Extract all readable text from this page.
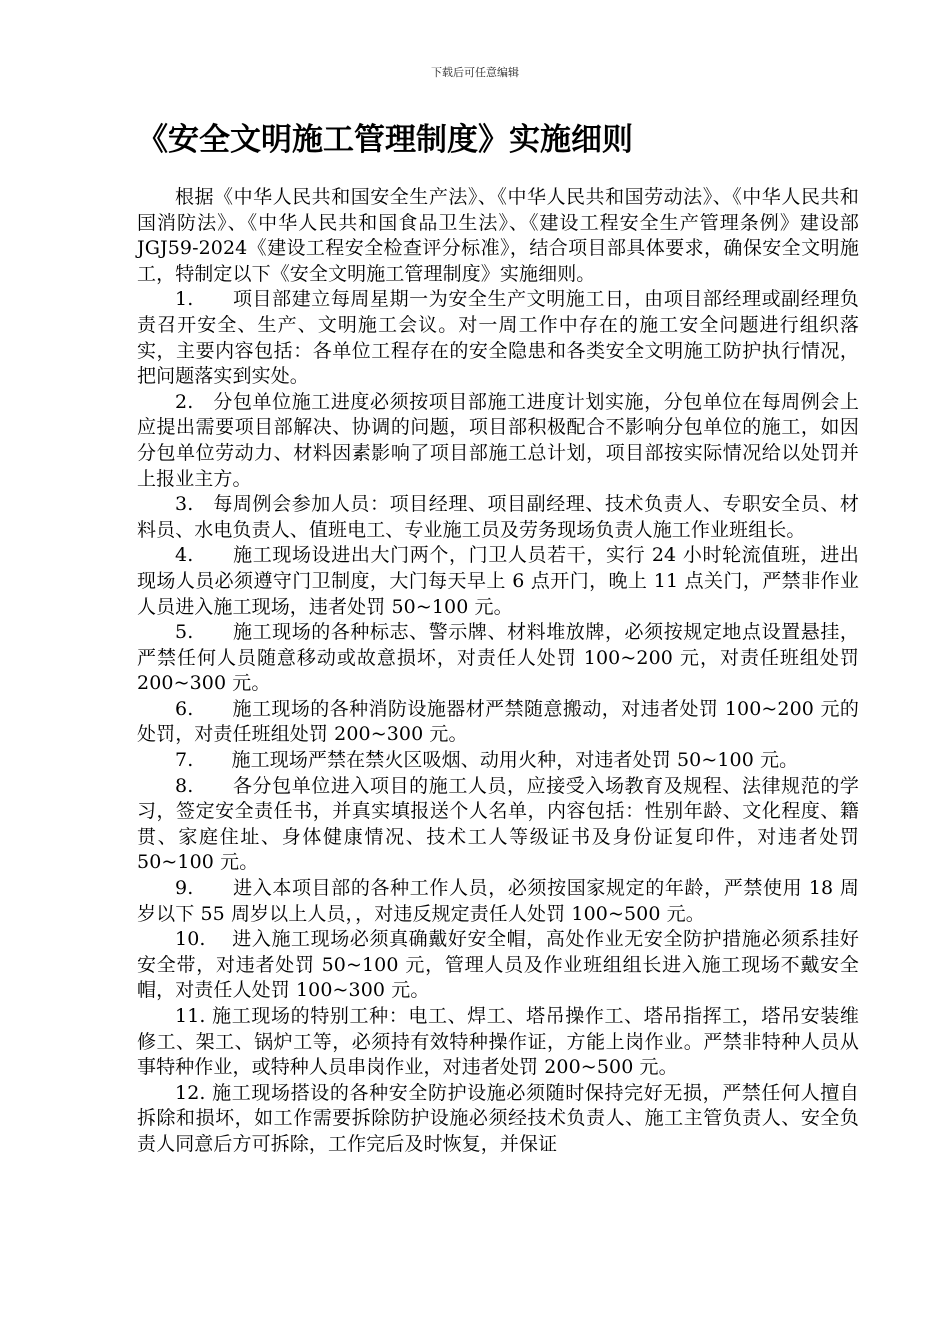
下载后可任意编辑
《安全文明施工管理制度》实施细则

根据《中华人民共和国安全生产法》、《中华人民共和国劳动法》、《中华人民共和国消防法》、《中华人民共和国食品卫生法》、《建设工程安全生产管理条例》建设部 JGJ59-2024《建设工程安全检查评分标准》，结合项目部具体要求，确保安全文明施工，特制定以下《安全文明施工管理制度》实施细则。

1.　　项目部建立每周星期一为安全生产文明施工日，由项目部经理或副经理负责召开安全、生产、文明施工会议。对一周工作中存在的施工安全问题进行组织落实，主要内容包括：各单位工程存在的安全隐患和各类安全文明施工防护执行情况，把问题落实到实处。

2.　分包单位施工进度必须按项目部施工进度计划实施，分包单位在每周例会上应提出需要项目部解决、协调的问题，项目部积极配合不影响分包单位的施工，如因分包单位劳动力、材料因素影响了项目部施工总计划，项目部按实际情况给以处罚并上报业主方。

3.　每周例会参加人员：项目经理、项目副经理、技术负责人、专职安全员、材料员、水电负责人、值班电工、专业施工员及劳务现场负责人施工作业班组长。

4.　　施工现场设进出大门两个，门卫人员若干，实行 24 小时轮流值班，进出现场人员必须遵守门卫制度，大门每天早上 6 点开门，晚上 11 点关门，严禁非作业人员进入施工现场，违者处罚 50~100 元。

5.　　施工现场的各种标志、警示牌、材料堆放牌，必须按规定地点设置悬挂，严禁任何人员随意移动或故意损坏，对责任人处罚 100~200 元，对责任班组处罚 200~300 元。

6.　　施工现场的各种消防设施器材严禁随意搬动，对违者处罚 100~200 元的处罚，对责任班组处罚 200~300 元。

7.　　施工现场严禁在禁火区吸烟、动用火种，对违者处罚 50~100 元。

8.　　各分包单位进入项目的施工人员，应接受入场教育及规程、法律规范的学习，签定安全责任书，并真实填报送个人名单，内容包括：性别年龄、文化程度、籍贯、家庭住址、身体健康情况、技术工人等级证书及身份证复印件，对违者处罚 50~100 元。

9.　　进入本项目部的各种工作人员，必须按国家规定的年龄，严禁使用 18 周岁以下 55 周岁以上人员，，对违反规定责任人处罚 100~500 元。

10.　 进入施工现场必须真确戴好安全帽，高处作业无安全防护措施必须系挂好安全带，对违者处罚 50~100 元，管理人员及作业班组组长进入施工现场不戴安全帽，对责任人处罚 100~300 元。

11. 施工现场的特别工种：电工、焊工、塔吊操作工、塔吊指挥工，塔吊安装维修工、架工、锅炉工等，必须持有效特种操作证，方能上岗作业。严禁非特种人员从事特种作业，或特种人员串岗作业，对违者处罚 200~500 元。

12. 施工现场搭设的各种安全防护设施必须随时保持完好无损，严禁任何人擅自拆除和损坏，如工作需要拆除防护设施必须经技术负责人、施工主管负责人、安全负责人同意后方可拆除，工作完后及时恢复，并保证
